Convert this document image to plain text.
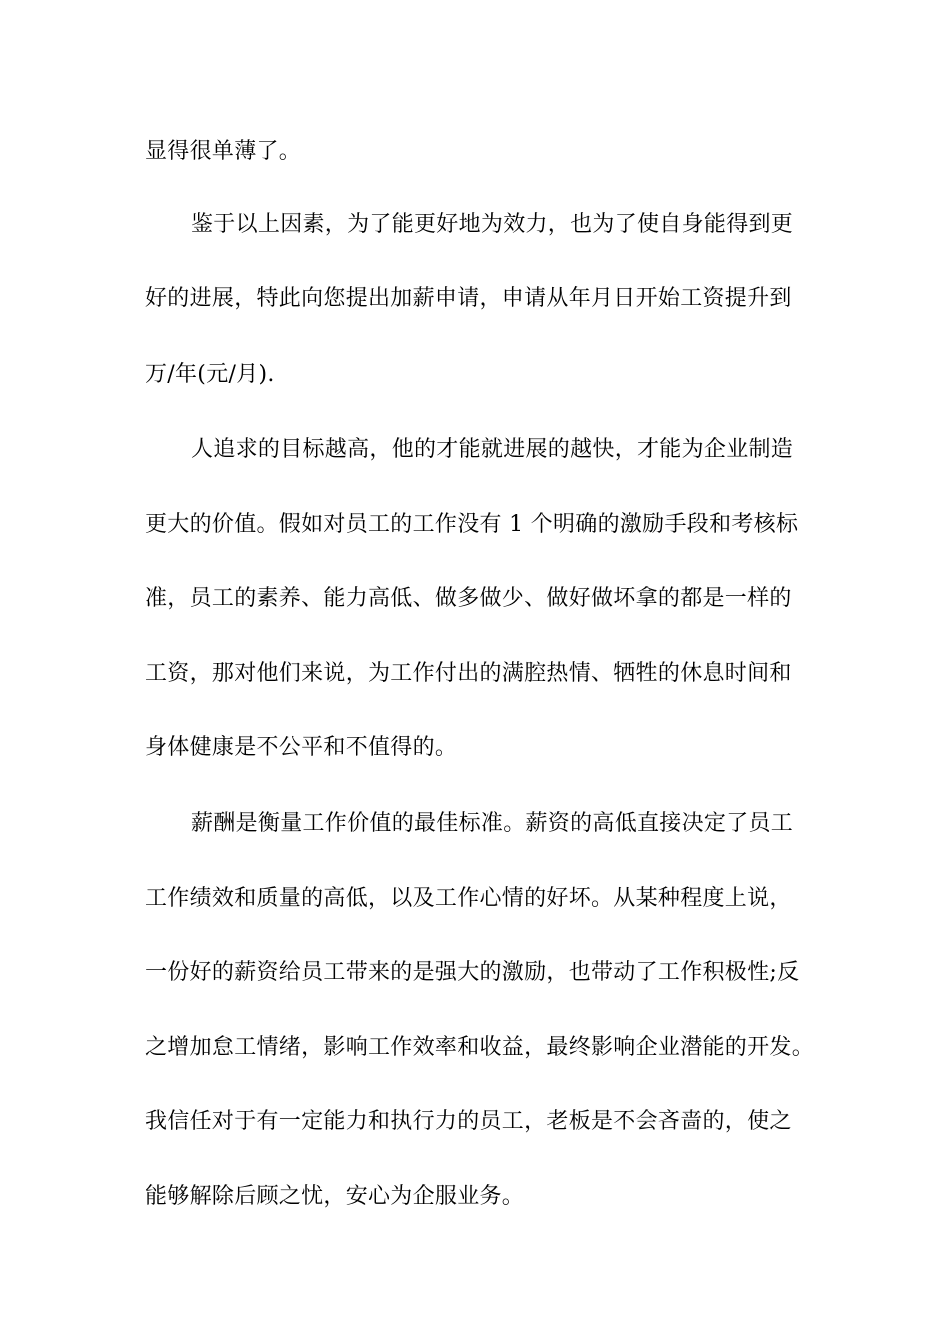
显得很单薄了。
鉴于以上因素，为了能更好地为效力，也为了使自身能得到更
好的进展，特此向您提出加薪申请，申请从年月日开始工资提升到
万/年(元/月).
人追求的目标越高，他的才能就进展的越快，才能为企业制造
更大的价值。假如对员工的工作没有 1 个明确的激励手段和考核标
准，员工的素养、能力高低、做多做少、做好做坏拿的都是一样的
工资，那对他们来说，为工作付出的满腔热情、牺牲的休息时间和
身体健康是不公平和不值得的。
薪酬是衡量工作价值的最佳标准。薪资的高低直接决定了员工
工作绩效和质量的高低，以及工作心情的好坏。从某种程度上说，
一份好的薪资给员工带来的是强大的激励，也带动了工作积极性;反
之增加怠工情绪，影响工作效率和收益，最终影响企业潜能的开发。
我信任对于有一定能力和执行力的员工，老板是不会吝啬的，使之
能够解除后顾之忧，安心为企服业务。
